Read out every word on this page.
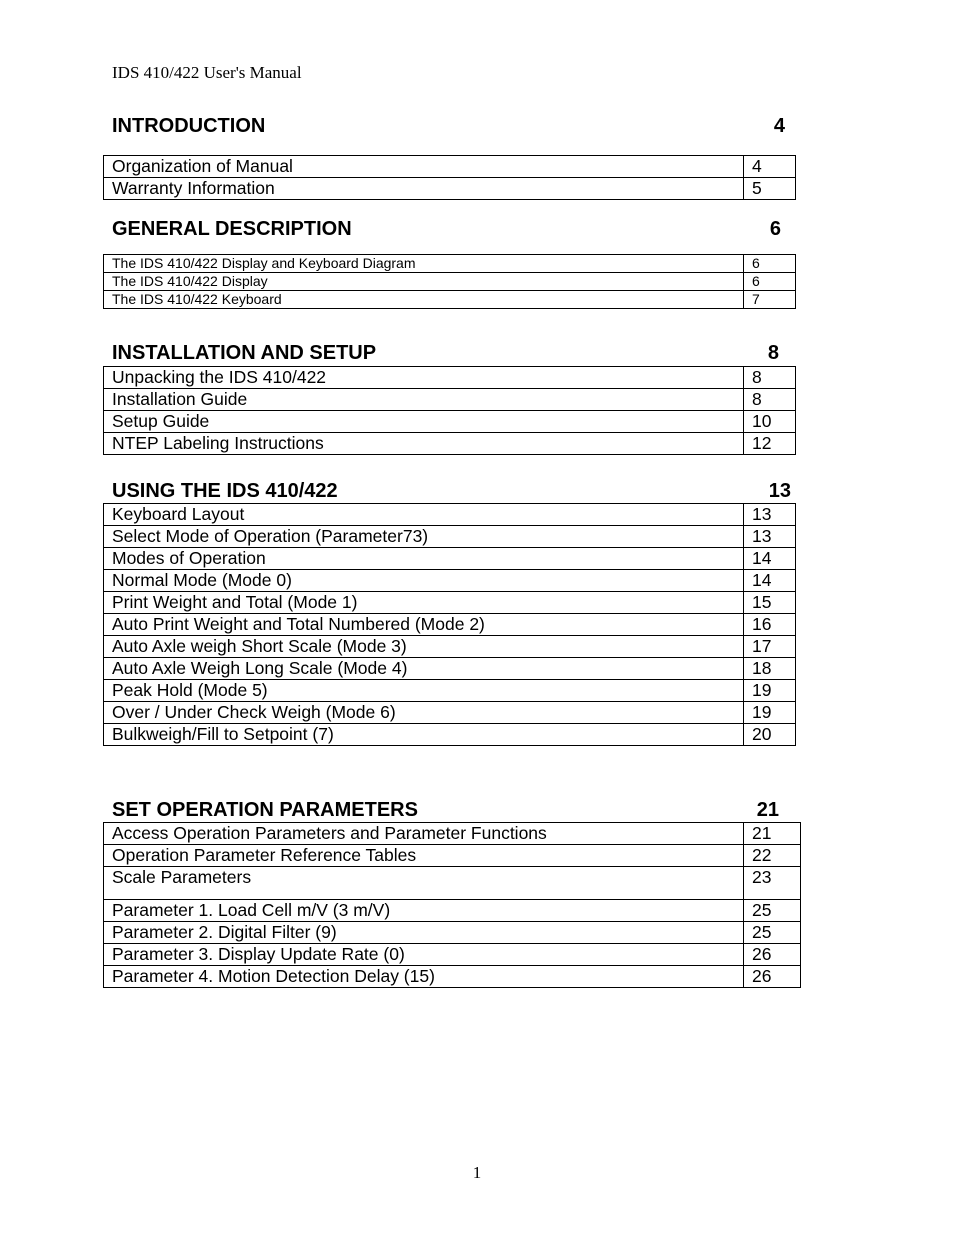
IDS 410/422 User's Manual
INTRODUCTION	4
Organization of Manual	4
Warranty Information	5
GENERAL DESCRIPTION	6
The IDS 410/422 Display and Keyboard Diagram	6
The IDS 410/422 Display	6
The IDS 410/422 Keyboard	7
INSTALLATION AND SETUP	8
Unpacking the IDS 410/422	8
Installation Guide	8
Setup Guide	10
NTEP Labeling Instructions	12
USING THE IDS 410/422	13
Keyboard Layout	13
Select Mode of Operation (Parameter73)	13
Modes of Operation	14
Normal Mode (Mode 0)	14
Print Weight and Total (Mode 1)	15
Auto Print Weight and Total Numbered (Mode 2)	16
Auto Axle weigh Short Scale (Mode 3)	17
Auto Axle Weigh Long Scale (Mode 4)	18
Peak Hold (Mode 5)	19
Over / Under Check Weigh (Mode 6)	19
Bulkweigh/Fill to Setpoint (7)	20
SET OPERATION PARAMETERS	21
Access Operation Parameters and Parameter Functions	21
Operation Parameter Reference Tables	22
Scale Parameters	23
Parameter 1. Load Cell m/V (3 m/V)	25
Parameter 2. Digital Filter (9)	25
Parameter 3. Display Update Rate (0)	26
Parameter 4. Motion Detection Delay (15)	26
1
